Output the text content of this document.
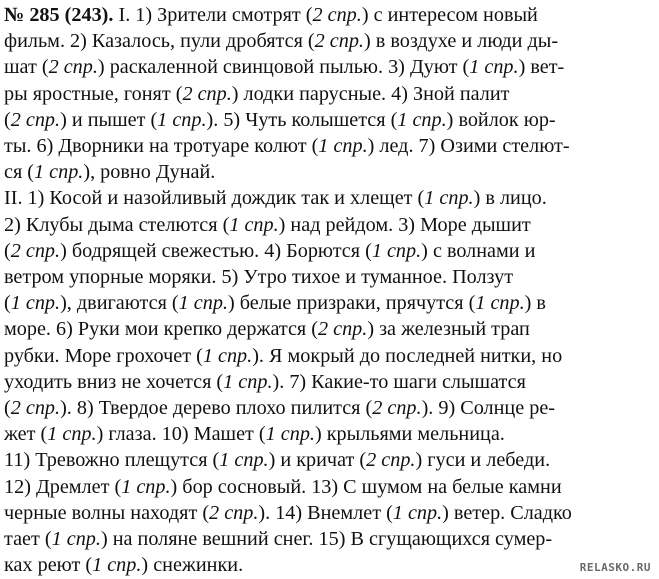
№ 285 (243). I. 1) Зрители смотрят (2 спр.) с интересом новый
фильм. 2) Казалось, пули дробятся (2 спр.) в воздухе и люди ды-
шат (2 спр.) раскаленной свинцовой пылью. 3) Дуют (1 спр.) вет-
ры яростные, гонят (2 спр.) лодки парусные. 4) Зной палит
(2 спр.) и пышет (1 спр.). 5) Чуть колышется (1 спр.) войлок юр-
ты. 6) Дворники на тротуаре колют (1 спр.) лед. 7) Озими стелют-
ся (1 спр.), ровно Дунай.
II. 1) Косой и назойливый дождик так и хлещет (1 спр.) в лицо.
2) Клубы дыма стелются (1 спр.) над рейдом. 3) Море дышит
(2 спр.) бодрящей свежестью. 4) Борются (1 спр.) с волнами и
ветром упорные моряки. 5) Утро тихое и туманное. Ползут
(1 спр.), двигаются (1 спр.) белые призраки, прячутся (1 спр.) в
море. 6) Руки мои крепко держатся (2 спр.) за железный трап
рубки. Море грохочет (1 спр.). Я мокрый до последней нитки, но
уходить вниз не хочется (1 спр.). 7) Какие-то шаги слышатся
(2 спр.). 8) Твердое дерево плохо пилится (2 спр.). 9) Солнце ре-
жет (1 спр.) глаза. 10) Машет (1 спр.) крыльями мельница.
11) Тревожно плещутся (1 спр.) и кричат (2 спр.) гуси и лебеди.
12) Дремлет (1 спр.) бор сосновый. 13) С шумом на белые камни
черные волны находят (2 спр.). 14) Внемлет (1 спр.) ветер. Сладко
тает (1 спр.) на поляне вешний снег. 15) В сгущающихся сумер-
ках реют (1 спр.) снежинки.	RELASKO.RU
